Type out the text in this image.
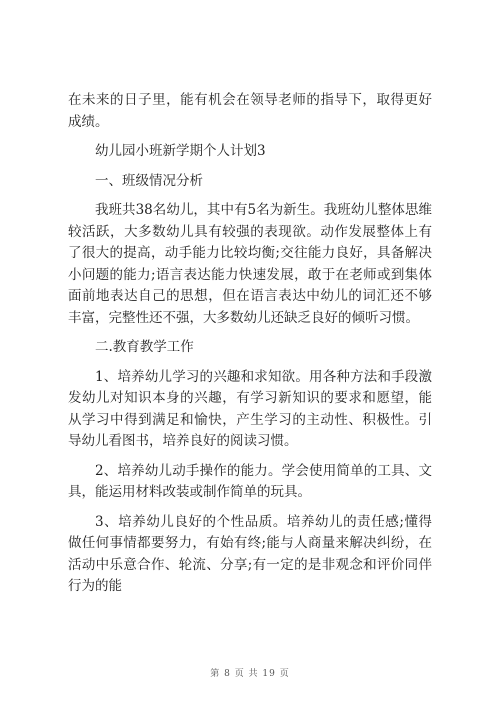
在未来的日子里，能有机会在领导老师的指导下，取得更好成绩。

幼儿园小班新学期个人计划3

一、班级情况分析

我班共38名幼儿，其中有5名为新生。我班幼儿整体思维较活跃，大多数幼儿具有较强的表现欲。动作发展整体上有了很大的提高，动手能力比较均衡;交往能力良好，具备解决小问题的能力;语言表达能力快速发展，敢于在老师或到集体面前地表达自己的思想，但在语言表达中幼儿的词汇还不够丰富，完整性还不强，大多数幼儿还缺乏良好的倾听习惯。

二.教育教学工作

1、培养幼儿学习的兴趣和求知欲。用各种方法和手段激发幼儿对知识本身的兴趣，有学习新知识的要求和愿望，能从学习中得到满足和愉快，产生学习的主动性、积极性。引导幼儿看图书，培养良好的阅读习惯。

2、培养幼儿动手操作的能力。学会使用简单的工具、文具，能运用材料改装或制作简单的玩具。

3、培养幼儿良好的个性品质。培养幼儿的责任感;懂得做任何事情都要努力，有始有终;能与人商量来解决纠纷，在活动中乐意合作、轮流、分享;有一定的是非观念和评价同伴行为的能

第 8 页 共 19 页
